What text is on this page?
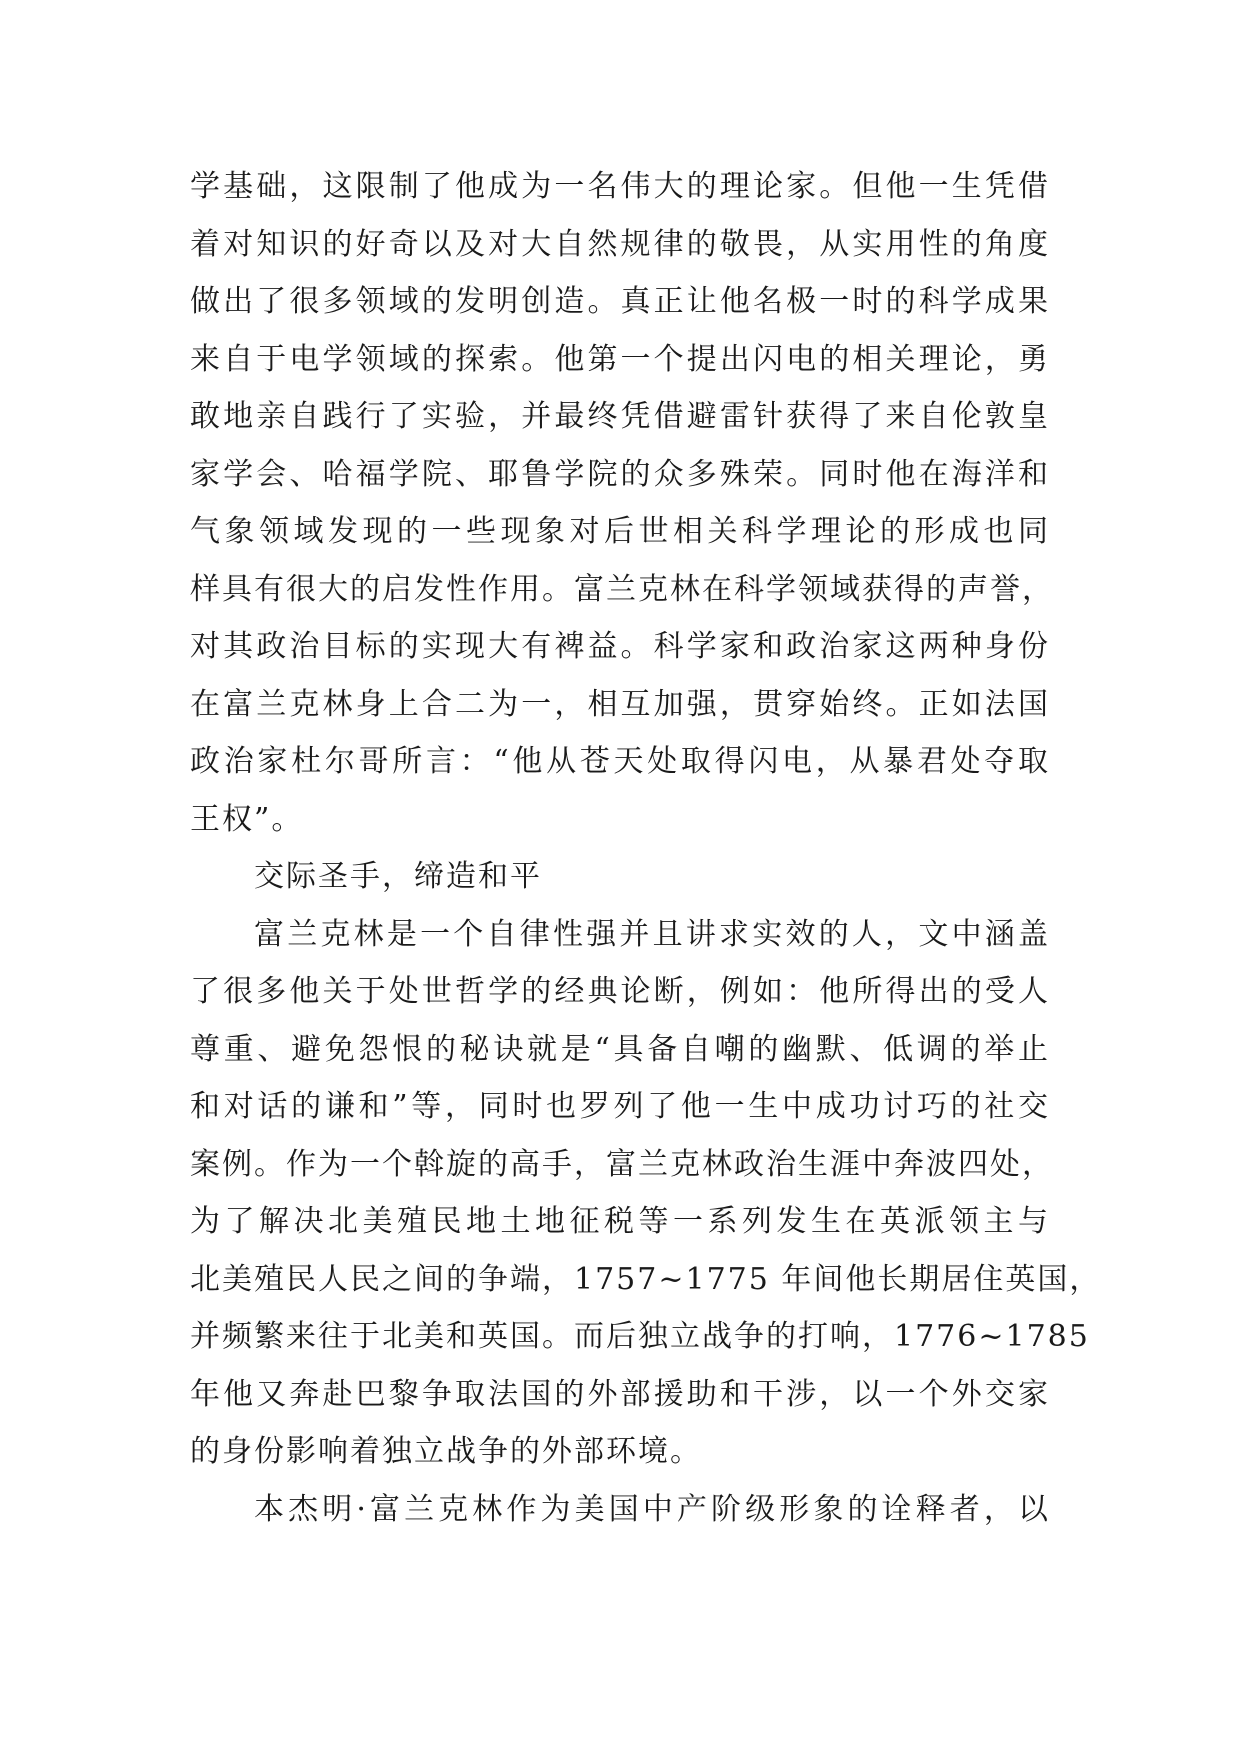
学基础，这限制了他成为一名伟大的理论家。但他一生凭借
着对知识的好奇以及对大自然规律的敬畏，从实用性的角度
做出了很多领域的发明创造。真正让他名极一时的科学成果
来自于电学领域的探索。他第一个提出闪电的相关理论，勇
敢地亲自践行了实验，并最终凭借避雷针获得了来自伦敦皇
家学会、哈福学院、耶鲁学院的众多殊荣。同时他在海洋和
气象领域发现的一些现象对后世相关科学理论的形成也同
样具有很大的启发性作用。富兰克林在科学领域获得的声誉，
对其政治目标的实现大有裨益。科学家和政治家这两种身份
在富兰克林身上合二为一，相互加强，贯穿始终。正如法国
政治家杜尔哥所言：“他从苍天处取得闪电，从暴君处夺取
王权”。
交际圣手，缔造和平
富兰克林是一个自律性强并且讲求实效的人，文中涵盖
了很多他关于处世哲学的经典论断，例如：他所得出的受人
尊重、避免怨恨的秘诀就是“具备自嘲的幽默、低调的举止
和对话的谦和”等，同时也罗列了他一生中成功讨巧的社交
案例。作为一个斡旋的高手，富兰克林政治生涯中奔波四处，
为了解决北美殖民地土地征税等一系列发生在英派领主与
北美殖民人民之间的争端，1757~1775 年间他长期居住英国，
并频繁来往于北美和英国。而后独立战争的打响，1776~1785
年他又奔赴巴黎争取法国的外部援助和干涉，以一个外交家
的身份影响着独立战争的外部环境。
本杰明·富兰克林作为美国中产阶级形象的诠释者，以
